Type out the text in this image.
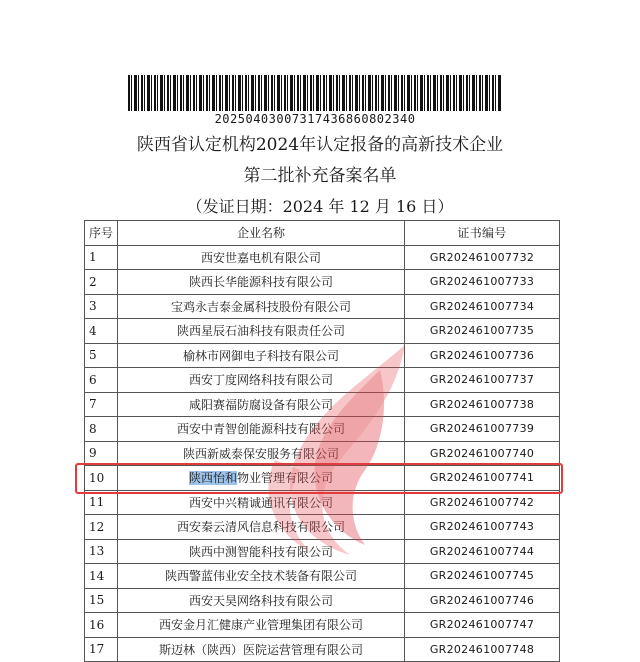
20250403007317436860802340
陕西省认定机构2024年认定报备的高新技术企业
第二批补充备案名单
（发证日期：2024 年 12 月 16 日）
序号	企业名称	证书编号
1	西安世嘉电机有限公司	GR202461007732
2	陕西长华能源科技有限公司	GR202461007733
3	宝鸡永吉泰金属科技股份有限公司	GR202461007734
4	陕西星辰石油科技有限责任公司	GR202461007735
5	榆林市网御电子科技有限公司	GR202461007736
6	西安丁度网络科技有限公司	GR202461007737
7	咸阳赛福防腐设备有限公司	GR202461007738
8	西安中青智创能源科技有限公司	GR202461007739
9	陕西新威泰保安服务有限公司	GR202461007740
10	陕西怡和物业管理有限公司	GR202461007741
11	西安中兴精诚通讯有限公司	GR202461007742
12	西安秦云清风信息科技有限公司	GR202461007743
13	陕西中测智能科技有限公司	GR202461007744
14	陕西警蓝伟业安全技术装备有限公司	GR202461007745
15	西安天昊网络科技有限公司	GR202461007746
16	西安金月汇健康产业管理集团有限公司	GR202461007747
17	斯迈林（陕西）医院运营管理有限公司	GR202461007748
